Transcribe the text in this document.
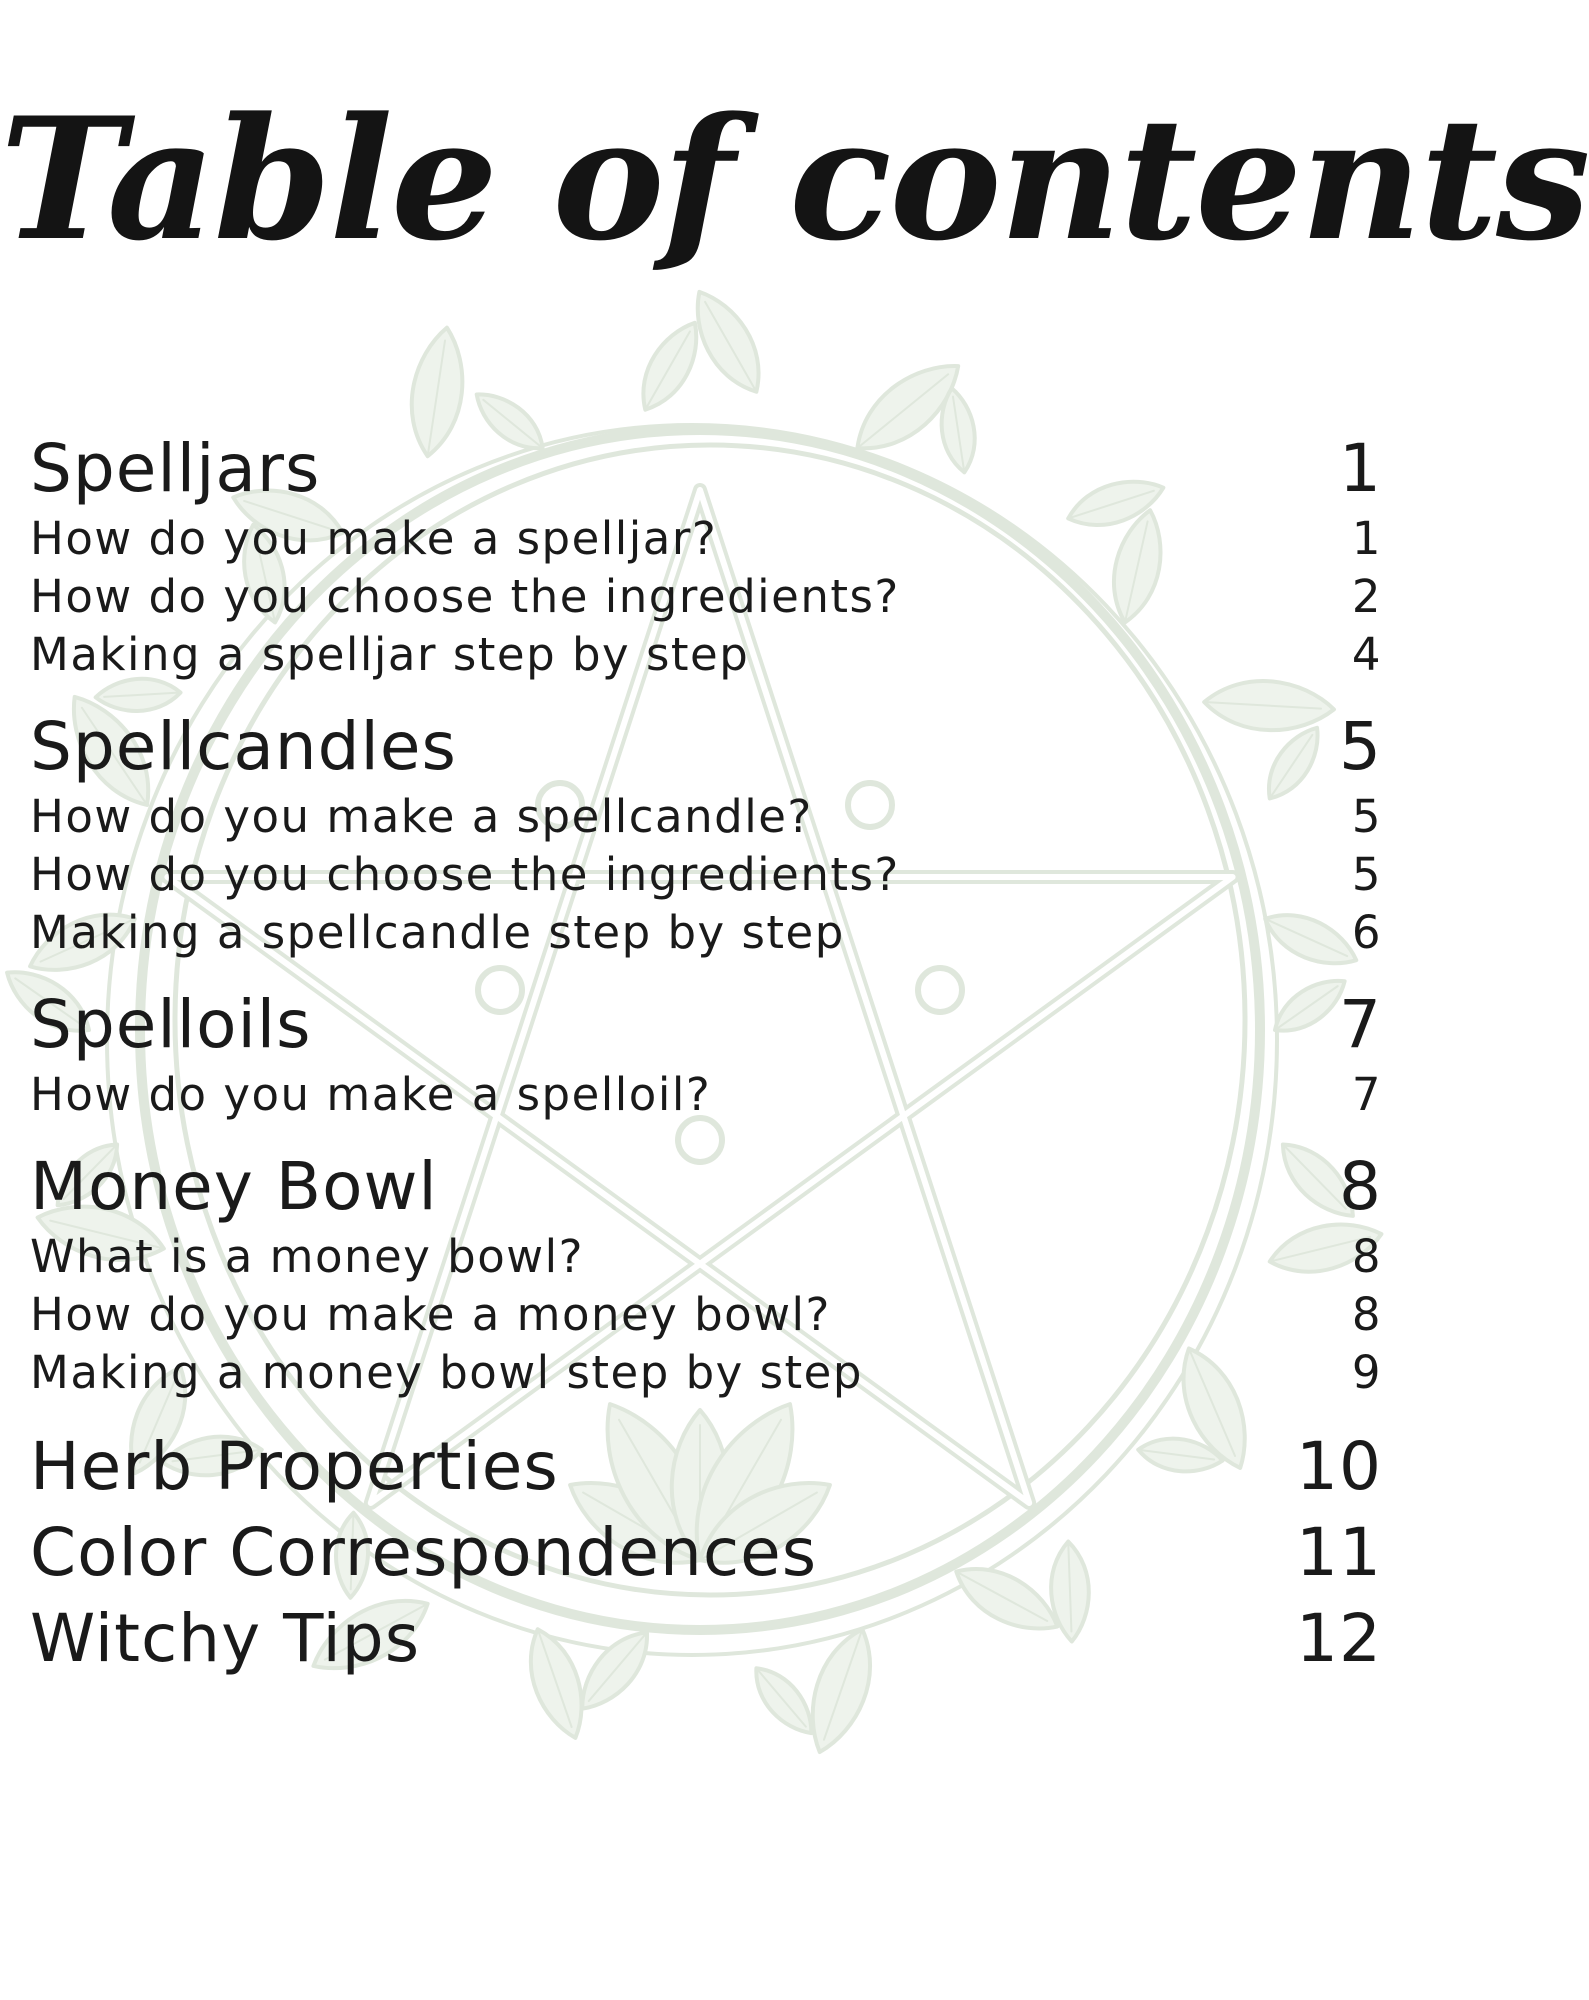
Table of contents
Spelljars	1
How do you make a spelljar?	1
How do you choose the ingredients?	2
Making a spelljar step by step	4
Spellcandles	5
How do you make a spellcandle?	5
How do you choose the ingredients?	5
Making a spellcandle step by step	6
Spelloils	7
How do you make a spelloil?	7
Money Bowl	8
What is a money bowl?	8
How do you make a money bowl?	8
Making a money bowl step by step	9
Herb Properties	10
Color Correspondences	11
Witchy Tips	12
